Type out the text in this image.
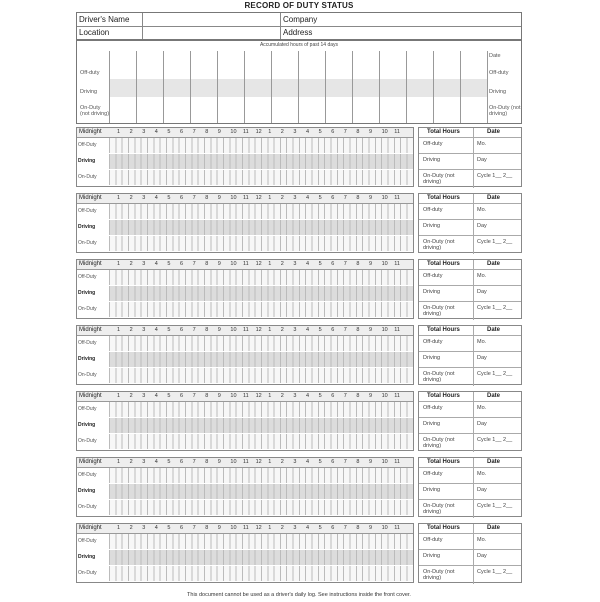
RECORD OF DUTY STATUS
Driver's Name	Company
Location	Address
Accumulated hours of past 14 days
Off-duty
Driving
On-Duty (not driving)
Date
Off-duty
Driving
On-Duty (not driving)
Midnight	1 2 3 4 5 6 7 8 9 10 11 12 1 2 3 4 5 6 7 8 9 10 11
Off-Duty
Driving
On-Duty
Total Hours	Date
Off-duty	Mo.
Driving	Day
On-Duty (not driving)
Cycle 1__ 2__
Midnight	1 2 3 4 5 6 7 8 9 10 11 12 1 2 3 4 5 6 7 8 9 10 11
Off-Duty
Driving
On-Duty
Total Hours	Date
Off-duty	Mo.
Driving	Day
On-Duty (not driving)
Cycle 1__ 2__
Midnight	1 2 3 4 5 6 7 8 9 10 11 12 1 2 3 4 5 6 7 8 9 10 11
Off-Duty
Driving
On-Duty
Total Hours	Date
Off-duty	Mo.
Driving	Day
On-Duty (not driving)
Cycle 1__ 2__
Midnight	1 2 3 4 5 6 7 8 9 10 11 12 1 2 3 4 5 6 7 8 9 10 11
Off-Duty
Driving
On-Duty
Total Hours	Date
Off-duty	Mo.
Driving	Day
On-Duty (not driving)
Cycle 1__ 2__
Midnight	1 2 3 4 5 6 7 8 9 10 11 12 1 2 3 4 5 6 7 8 9 10 11
Off-Duty
Driving
On-Duty
Total Hours	Date
Off-duty	Mo.
Driving	Day
On-Duty (not driving)
Cycle 1__ 2__
Midnight	1 2 3 4 5 6 7 8 9 10 11 12 1 2 3 4 5 6 7 8 9 10 11
Off-Duty
Driving
On-Duty
Total Hours	Date
Off-duty	Mo.
Driving	Day
On-Duty (not driving)
Cycle 1__ 2__
Midnight	1 2 3 4 5 6 7 8 9 10 11 12 1 2 3 4 5 6 7 8 9 10 11
Off-Duty
Driving
On-Duty
Total Hours	Date
Off-duty	Mo.
Driving	Day
On-Duty (not driving)
Cycle 1__ 2__
This document cannot be used as a driver's daily log. See instructions inside the front cover.
